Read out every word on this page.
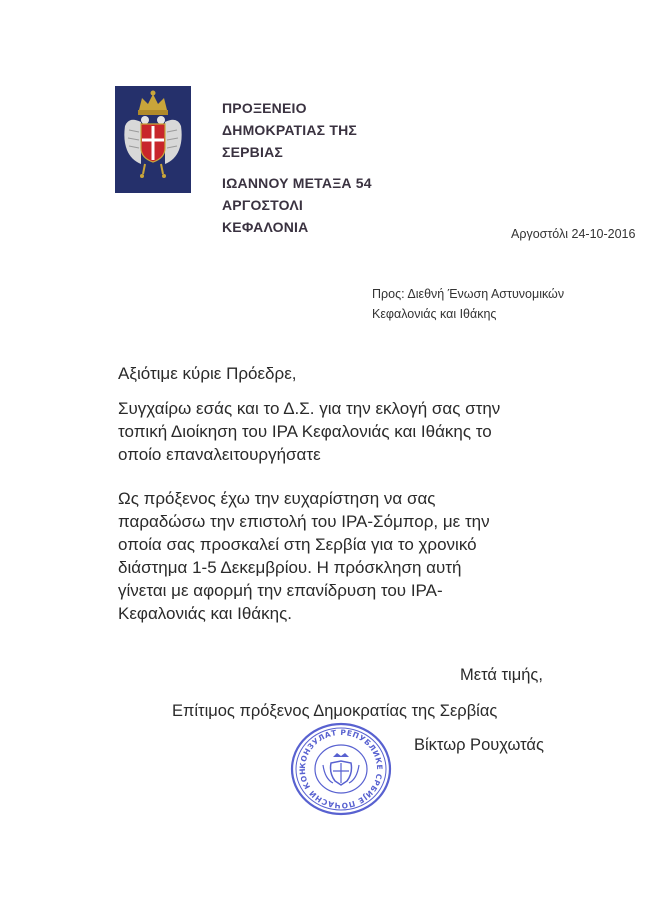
ΠΡΟΞΕΝΕΙΟ
ΔΗΜΟΚΡΑΤΙΑΣ ΤΗΣ
ΣΕΡΒΙΑΣ
ΙΩΑΝΝΟΥ ΜΕΤΑΞΑ 54
ΑΡΓΟΣΤΟΛΙ
ΚΕΦΑΛΟΝΙΑ	Αργοστόλι 24-10-2016
Προς: Διεθνή Ένωση Αστυνομικών
Κεφαλονιάς και Ιθάκης
Αξιότιμε κύριε Πρόεδρε,
Συγχαίρω εσάς και το Δ.Σ. για την εκλογή σας στην
τοπική Διοίκηση του IPA Κεφαλονιάς και Ιθάκης το
οποίο επαναλειτουργήσατε
Ως πρόξενος έχω την ευχαρίστηση να σας
παραδώσω την επιστολή του IPA-Σόμπορ, με την
οποία σας προσκαλεί στη Σερβία για το χρονικό
διάστημα 1-5 Δεκεμβρίου. Η πρόσκληση αυτή
γίνεται με αφορμή την επανίδρυση του IPA-
Κεφαλονιάς και Ιθάκης.
Μετά τιμής,
Επίτιμος πρόξενος Δημοκρατίας της Σερβίας
Βίκτωρ Ρουχωτάς
КОНЗУЛАТ РЕПУБЛИКЕ СРБИЈЕ ПОЧАСНИ КОН
